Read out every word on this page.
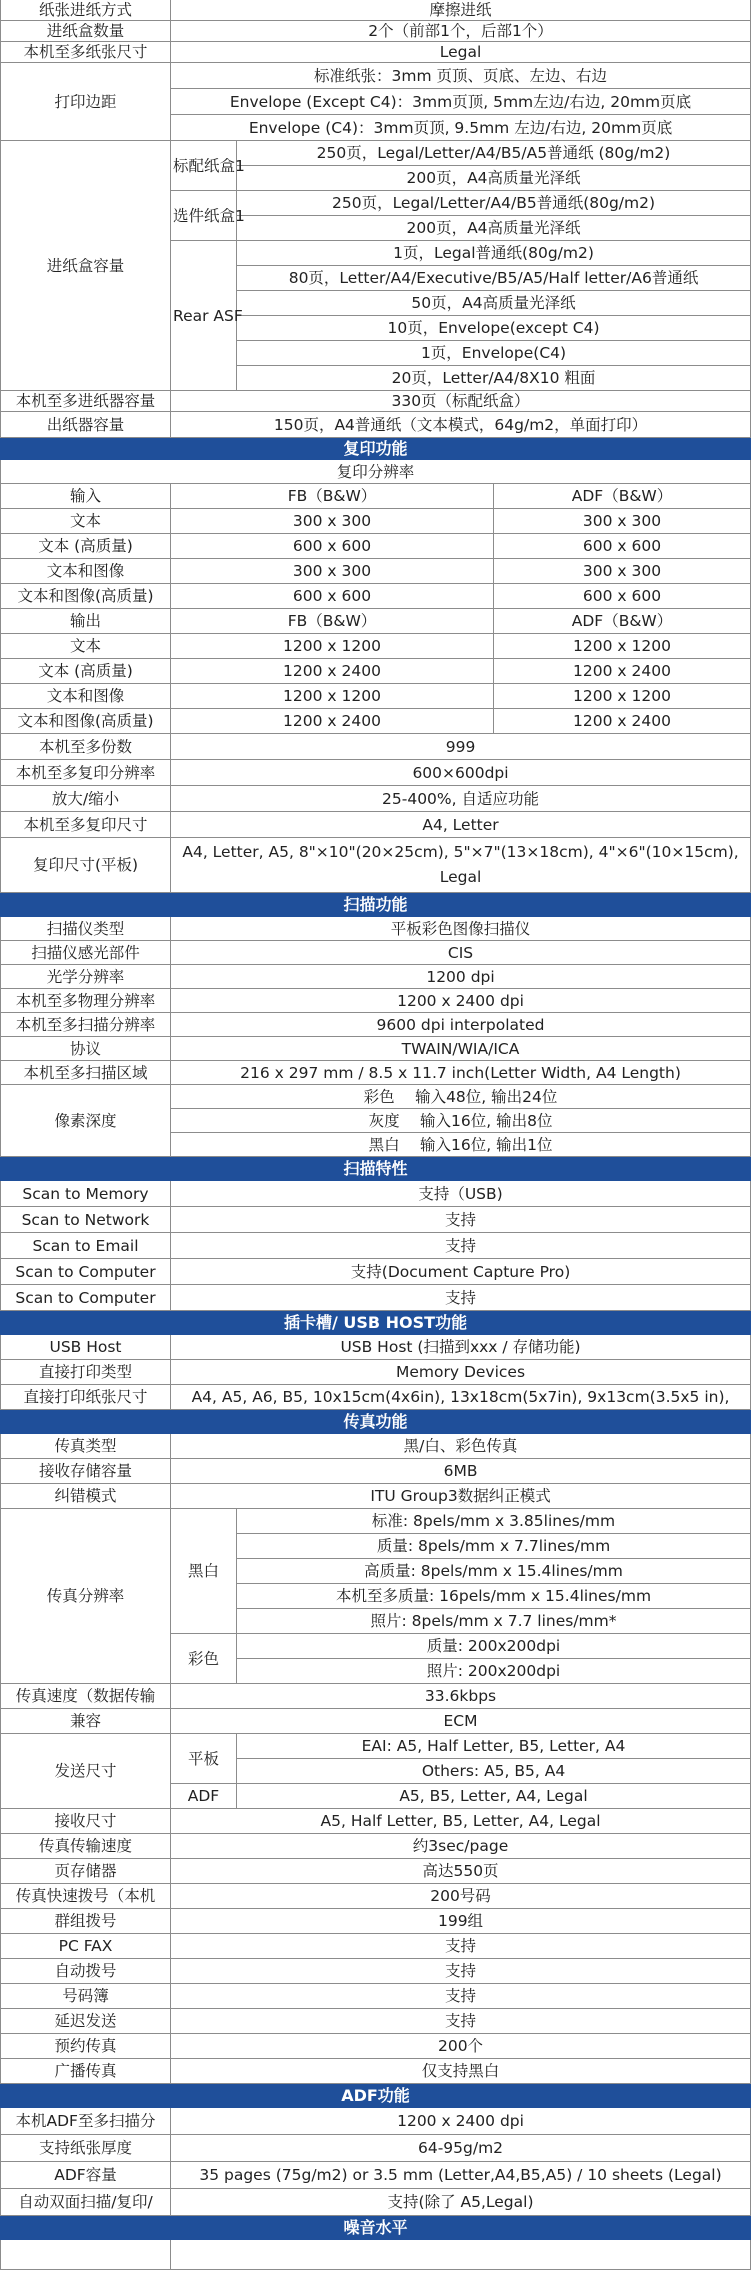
纸张进纸方式	摩擦进纸		
进纸盒数量	2个（前部1个，后部1个）		
本机至多纸张尺寸	Legal		
打印边距	标准纸张：3mm 页顶、页底、左边、右边		
	Envelope (Except C4)：3mm页顶, 5mm左边/右边, 20mm页底		
	Envelope (C4)：3mm页顶, 9.5mm 左边/右边, 20mm页底		
进纸盒容量	标配纸盒1	250页，Legal/Letter/A4/B5/A5普通纸 (80g/m2)	
		200页，A4高质量光泽纸	
	选件纸盒1	250页，Legal/Letter/A4/B5普通纸(80g/m2)	
		200页，A4高质量光泽纸	
	Rear ASF	1页，Legal普通纸(80g/m2)	
		80页，Letter/A4/Executive/B5/A5/Half letter/A6普通纸	
		50页，A4高质量光泽纸	
		10页，Envelope(except C4)	
		1页，Envelope(C4)	
		20页，Letter/A4/8X10 粗面	
本机至多进纸器容量	330页（标配纸盒）		
出纸器容量	150页，A4普通纸（文本模式，64g/m2，单面打印）		
复印功能			
复印分辨率			
输入	FB（B&W）		ADF（B&W）
文本	300 x 300		300 x 300
文本 (高质量)	600 x 600		600 x 600
文本和图像	300 x 300		300 x 300
文本和图像(高质量)	600 x 600		600 x 600
输出	FB（B&W）		ADF（B&W）
文本	1200 x 1200		1200 x 1200
文本 (高质量)	1200 x 2400		1200 x 2400
文本和图像	1200 x 1200		1200 x 1200
文本和图像(高质量)	1200 x 2400		1200 x 2400
本机至多份数	999		
本机至多复印分辨率	600×600dpi		
放大/缩小	25-400%, 自适应功能		
本机至多复印尺寸	A4, Letter		
复印尺寸(平板)	A4, Letter, A5, 8"×10"(20×25cm), 5"×7"(13×18cm), 4"×6"(10×15cm), Legal		
扫描功能			
扫描仪类型	平板彩色图像扫描仪		
扫描仪感光部件	CIS		
光学分辨率	1200 dpi		
本机至多物理分辨率	1200 x 2400 dpi		
本机至多扫描分辨率	9600 dpi interpolated		
协议	TWAIN/WIA/ICA		
本机至多扫描区域	216 x 297 mm / 8.5 x 11.7 inch(Letter Width, A4 Length)		
像素深度	彩色　 输入48位, 输出24位		
	灰度　 输入16位, 输出8位		
	黑白　 输入16位, 输出1位		
扫描特性			
Scan to Memory	支持（USB)		
Scan to Network	支持		
Scan to Email	支持		
Scan to Computer	支持(Document Capture Pro)		
Scan to Computer	支持		
插卡槽/ USB HOST功能			
USB Host	USB Host (扫描到xxx / 存储功能)		
直接打印类型	Memory Devices		
直接打印纸张尺寸	A4, A5, A6, B5, 10x15cm(4x6in), 13x18cm(5x7in), 9x13cm(3.5x5 in),		
传真功能			
传真类型	黑/白、彩色传真		
接收存储容量	6MB		
纠错模式	ITU Group3数据纠正模式		
传真分辨率	黑白	标准: 8pels/mm x 3.85lines/mm	
		质量: 8pels/mm x 7.7lines/mm	
		高质量: 8pels/mm x 15.4lines/mm	
		本机至多质量: 16pels/mm x 15.4lines/mm	
		照片: 8pels/mm x 7.7 lines/mm*	
	彩色	质量: 200x200dpi	
		照片: 200x200dpi	
传真速度（数据传输	33.6kbps		
兼容	ECM		
发送尺寸	平板	EAI: A5, Half Letter, B5, Letter, A4	
		Others: A5, B5, A4	
	ADF	A5, B5, Letter, A4, Legal	
接收尺寸	A5, Half Letter, B5, Letter, A4, Legal		
传真传输速度	约3sec/page		
页存储器	高达550页		
传真快速拨号（本机	200号码		
群组拨号	199组		
PC FAX	支持		
自动拨号	支持		
号码簿	支持		
延迟发送	支持		
预约传真	200个		
广播传真	仅支持黑白		
ADF功能			
本机ADF至多扫描分	1200 x 2400 dpi		
支持纸张厚度	64-95g/m2		
ADF容量	35 pages (75g/m2) or 3.5 mm (Letter,A4,B5,A5) / 10 sheets (Legal)		
自动双面扫描/复印/	支持(除了 A5,Legal)		
噪音水平			
